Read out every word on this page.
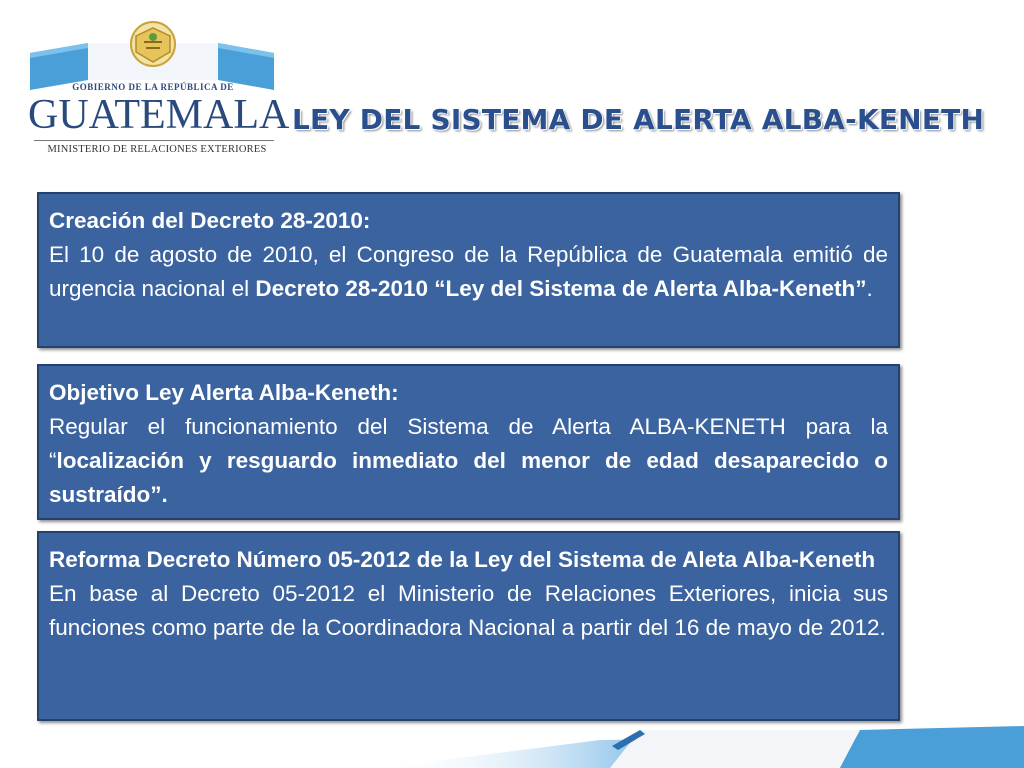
GOBIERNO DE LA REPÚBLICA DE
GUATEMALA
MINISTERIO DE RELACIONES EXTERIORES
LEY DEL SISTEMA DE ALERTA ALBA-KENETH
Creación del Decreto 28-2010:
El 10 de agosto de 2010, el Congreso de la República de Guatemala emitió de urgencia nacional el Decreto 28-2010 “Ley del Sistema de Alerta Alba-Keneth”.
Objetivo Ley Alerta Alba-Keneth:
Regular el funcionamiento del Sistema de Alerta ALBA-KENETH para la “localización y resguardo inmediato del menor de edad desaparecido o sustraído”.
Reforma Decreto Número 05-2012 de la Ley del Sistema de Aleta Alba-Keneth
En base al Decreto 05-2012 el Ministerio de Relaciones Exteriores, inicia sus funciones como parte de la Coordinadora Nacional a partir del 16 de mayo de 2012.
